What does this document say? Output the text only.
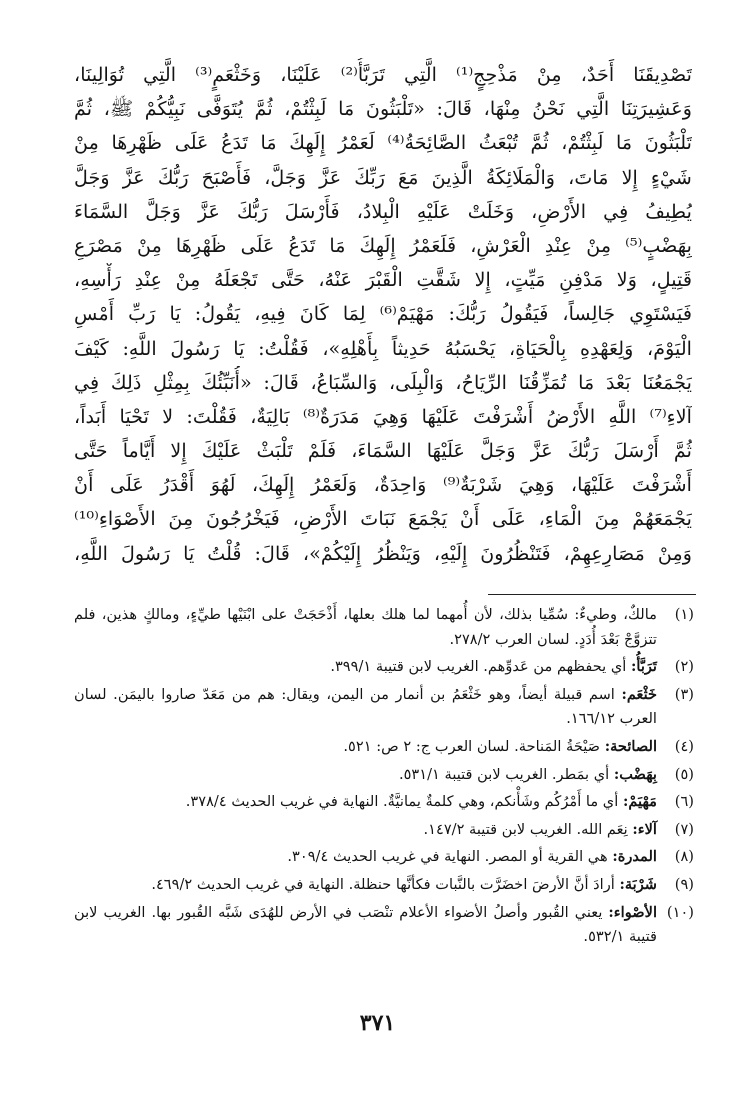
تَصْدِيقَنَا أَحَدٌ، مِنْ مَذْحِجٍ⁽¹⁾ الَّتِي تَرَبَّأُ⁽²⁾ عَلَيْنَا، وَخَثْعَمٍ⁽³⁾ الَّتِي تُوَالِينَا،
وَعَشِيرَتِنَا الَّتِي نَحْنُ مِنْهَا، قَالَ: «تَلْبَثُونَ مَا لَبِثْتُمْ، ثُمَّ يُتَوَفَّى نَبِيُّكُمْ ﷺ، ثُمَّ
تَلْبَثُونَ مَا لَبِثْتُمْ، ثُمَّ تُبْعَثُ الصَّائِحَةُ⁽⁴⁾ لَعَمْرُ إِلَهِكَ مَا تَدَعُ عَلَى ظَهْرِهَا مِنْ
شَيْءٍ إِلا مَاتَ، وَالْمَلَائِكَةُ الَّذِينَ مَعَ رَبِّكَ عَزَّ وَجَلَّ، فَأَصْبَحَ رَبُّكَ عَزَّ وَجَلَّ
يُطِيفُ فِي الأَرْضِ، وَخَلَتْ عَلَيْهِ الْبِلادُ، فَأَرْسَلَ رَبُّكَ عَزَّ وَجَلَّ السَّمَاءَ
بِهَضْبٍ⁽⁵⁾ مِنْ عِنْدِ الْعَرْشِ، فَلَعَمْرُ إِلَهِكَ مَا تَدَعُ عَلَى ظَهْرِهَا مِنْ مَصْرَعِ
قَتِيلٍ، وَلا مَدْفِنِ مَيِّتٍ، إِلا شَقَّتِ الْقَبْرَ عَنْهُ، حَتَّى تَجْعَلَهُ مِنْ عِنْدِ رَأْسِهِ،
فَيَسْتَوِي جَالِساً، فَيَقُولُ رَبُّكَ: مَهْيَمْ⁽⁶⁾ لِمَا كَانَ فِيهِ، يَقُولُ: يَا رَبِّ أَمْسِ
الْيَوْمَ، وَلِعَهْدِهِ بِالْحَيَاةِ، يَحْسَبُهُ حَدِيثاً بِأَهْلِهِ»، فَقُلْتُ: يَا رَسُولَ اللَّهِ: كَيْفَ
يَجْمَعُنَا بَعْدَ مَا تُمَزِّقُنَا الرِّيَاحُ، وَالْبِلَى، وَالسِّبَاعُ، قَالَ: «أُنَبِّئُكَ بِمِثْلِ ذَلِكَ فِي
آلاءِ⁽⁷⁾ اللَّهِ الأَرْضُ أَشْرَفْتَ عَلَيْهَا وَهِيَ مَدَرَةٌ⁽⁸⁾ بَالِيَةٌ، فَقُلْتَ: لا تَحْيَا أَبَداً،
ثُمَّ أَرْسَلَ رَبُّكَ عَزَّ وَجَلَّ عَلَيْهَا السَّمَاءَ، فَلَمْ تَلْبَثْ عَلَيْكَ إِلا أَيَّاماً حَتَّى
أَشْرَفْتَ عَلَيْهَا، وَهِيَ شَرْبَةٌ⁽⁹⁾ وَاحِدَةٌ، وَلَعَمْرُ إِلَهِكَ، لَهُوَ أَقْدَرُ عَلَى أَنْ
يَجْمَعَهُمْ مِنَ الْمَاءِ، عَلَى أَنْ يَجْمَعَ نَبَاتَ الأَرْضِ، فَيَخْرُجُونَ مِنَ الأَصْوَاءِ⁽¹⁰⁾
وَمِنْ مَصَارِعِهِمْ، فَتَنْظُرُونَ إِلَيْهِ، وَيَنْظُرُ إِلَيْكُمْ»، قَالَ: قُلْتُ يَا رَسُولَ اللَّهِ،
(١)
مالكٌ، وطيءٌ: سُمِّيا بذلك، لأن أُمهما لما هلك بعلها، أَذْحَجَتْ على ابْنَيْها طيِّءٍ، ومالكٍ هذين، فلم تتزوَّجْ بَعْدَ أُدَدٍ. لسان العرب ٢٧٨/٢.
(٢)
تَرَبَّأُ: أي يحفظهم من عَدوِّهم. الغريب لابن قتيبة ٣٩٩/١.
(٣)
خَثْعَم: اسم قبيلة أيضاً، وهو خَثْعَمُ بن أنمار من اليمن، ويقال: هم من مَعَدّ صاروا باليمَن. لسان العرب ١٦٦/١٢.
(٤)
الصائحة: صَيْحَةُ المَناحة. لسان العرب ج: ٢ ص: ٥٢١.
(٥)
بِهَضْب: أي بمَطر. الغريب لابن قتيبة ٥٣١/١.
(٦)
مَهْيَمْ: أي ما أَمْرُكُم وشَأْنكم، وهي كلمةٌ يمانيَّةٌ. النهاية في غريب الحديث ٣٧٨/٤.
(٧)
آلاء: نِعَم الله. الغريب لابن قتيبة ١٤٧/٢.
(٨)
المدرة: هي القرية أو المصر. النهاية في غريب الحديث ٣٠٩/٤.
(٩)
شَرْبَة: أرادَ أنَّ الأرضَ اخضَرَّت بالنَّبات فكأنَّها حنظلة. النهاية في غريب الحديث ٤٦٩/٢.
(١٠)
الأصْواء: يعني القُبور وأصلُ الأضواء الأعلام تنْصَب في الأرض للهُدَى شَبَّه القُبور بها. الغريب لابن قتيبة ٥٣٢/١.
٣٧١
